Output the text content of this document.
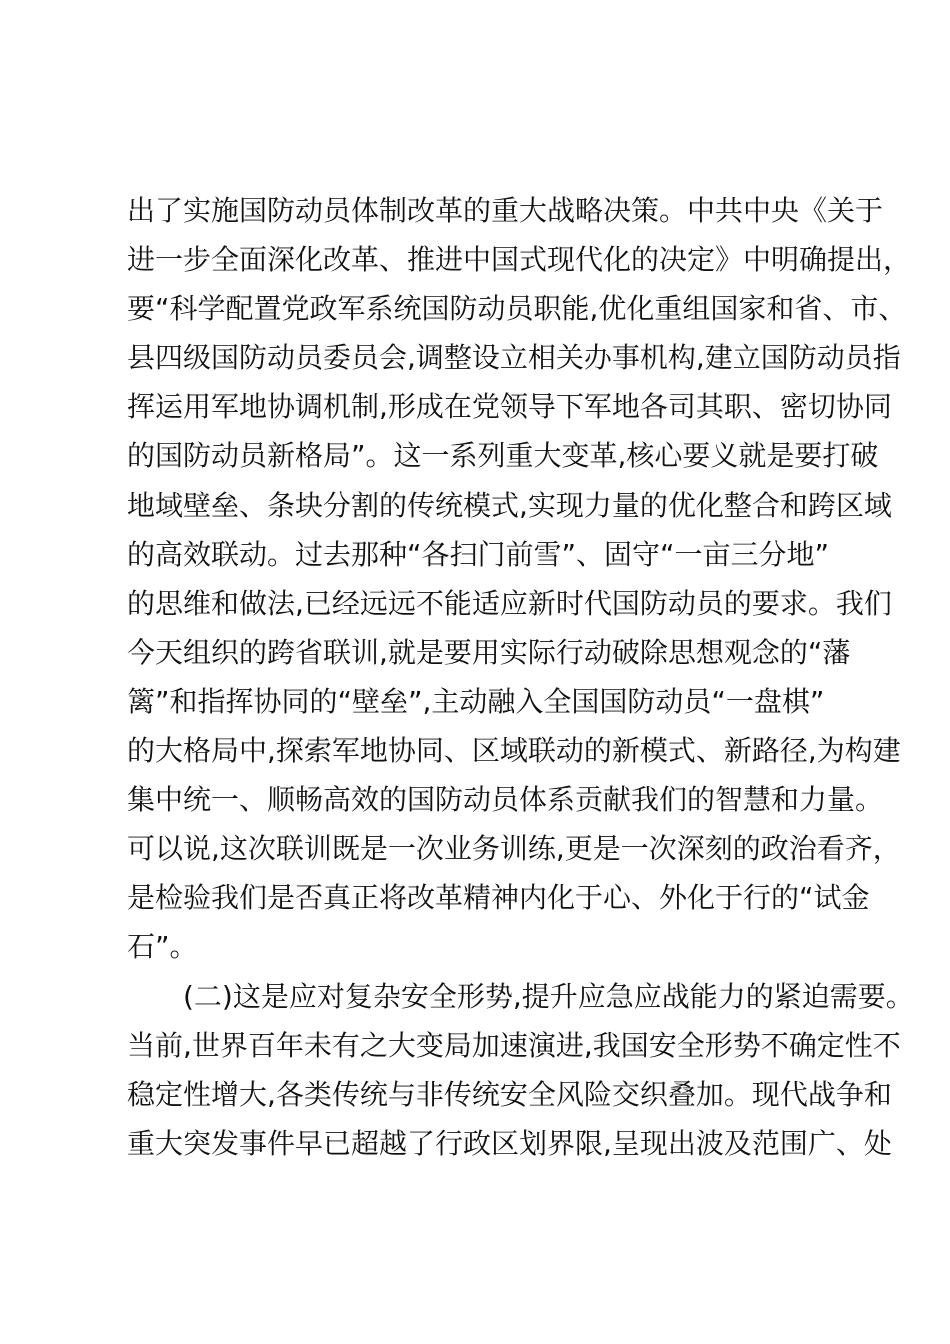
出了实施国防动员体制改革的重大战略决策。中共中央《关于
进一步全面深化改革、推进中国式现代化的决定》中明确提出，
要“科学配置党政军系统国防动员职能,优化重组国家和省、市、
县四级国防动员委员会,调整设立相关办事机构,建立国防动员指
挥运用军地协调机制,形成在党领导下军地各司其职、密切协同
的国防动员新格局”。这一系列重大变革,核心要义就是要打破
地域壁垒、条块分割的传统模式,实现力量的优化整合和跨区域
的高效联动。过去那种“各扫门前雪”、固守“一亩三分地”
的思维和做法,已经远远不能适应新时代国防动员的要求。我们
今天组织的跨省联训,就是要用实际行动破除思想观念的“藩
篱”和指挥协同的“壁垒”,主动融入全国国防动员“一盘棋”
的大格局中,探索军地协同、区域联动的新模式、新路径,为构建
集中统一、顺畅高效的国防动员体系贡献我们的智慧和力量。
可以说,这次联训既是一次业务训练,更是一次深刻的政治看齐，
是检验我们是否真正将改革精神内化于心、外化于行的“试金
石”。
(二)这是应对复杂安全形势,提升应急应战能力的紧迫需要。
当前,世界百年未有之大变局加速演进,我国安全形势不确定性不
稳定性增大,各类传统与非传统安全风险交织叠加。现代战争和
重大突发事件早已超越了行政区划界限,呈现出波及范围广、处
